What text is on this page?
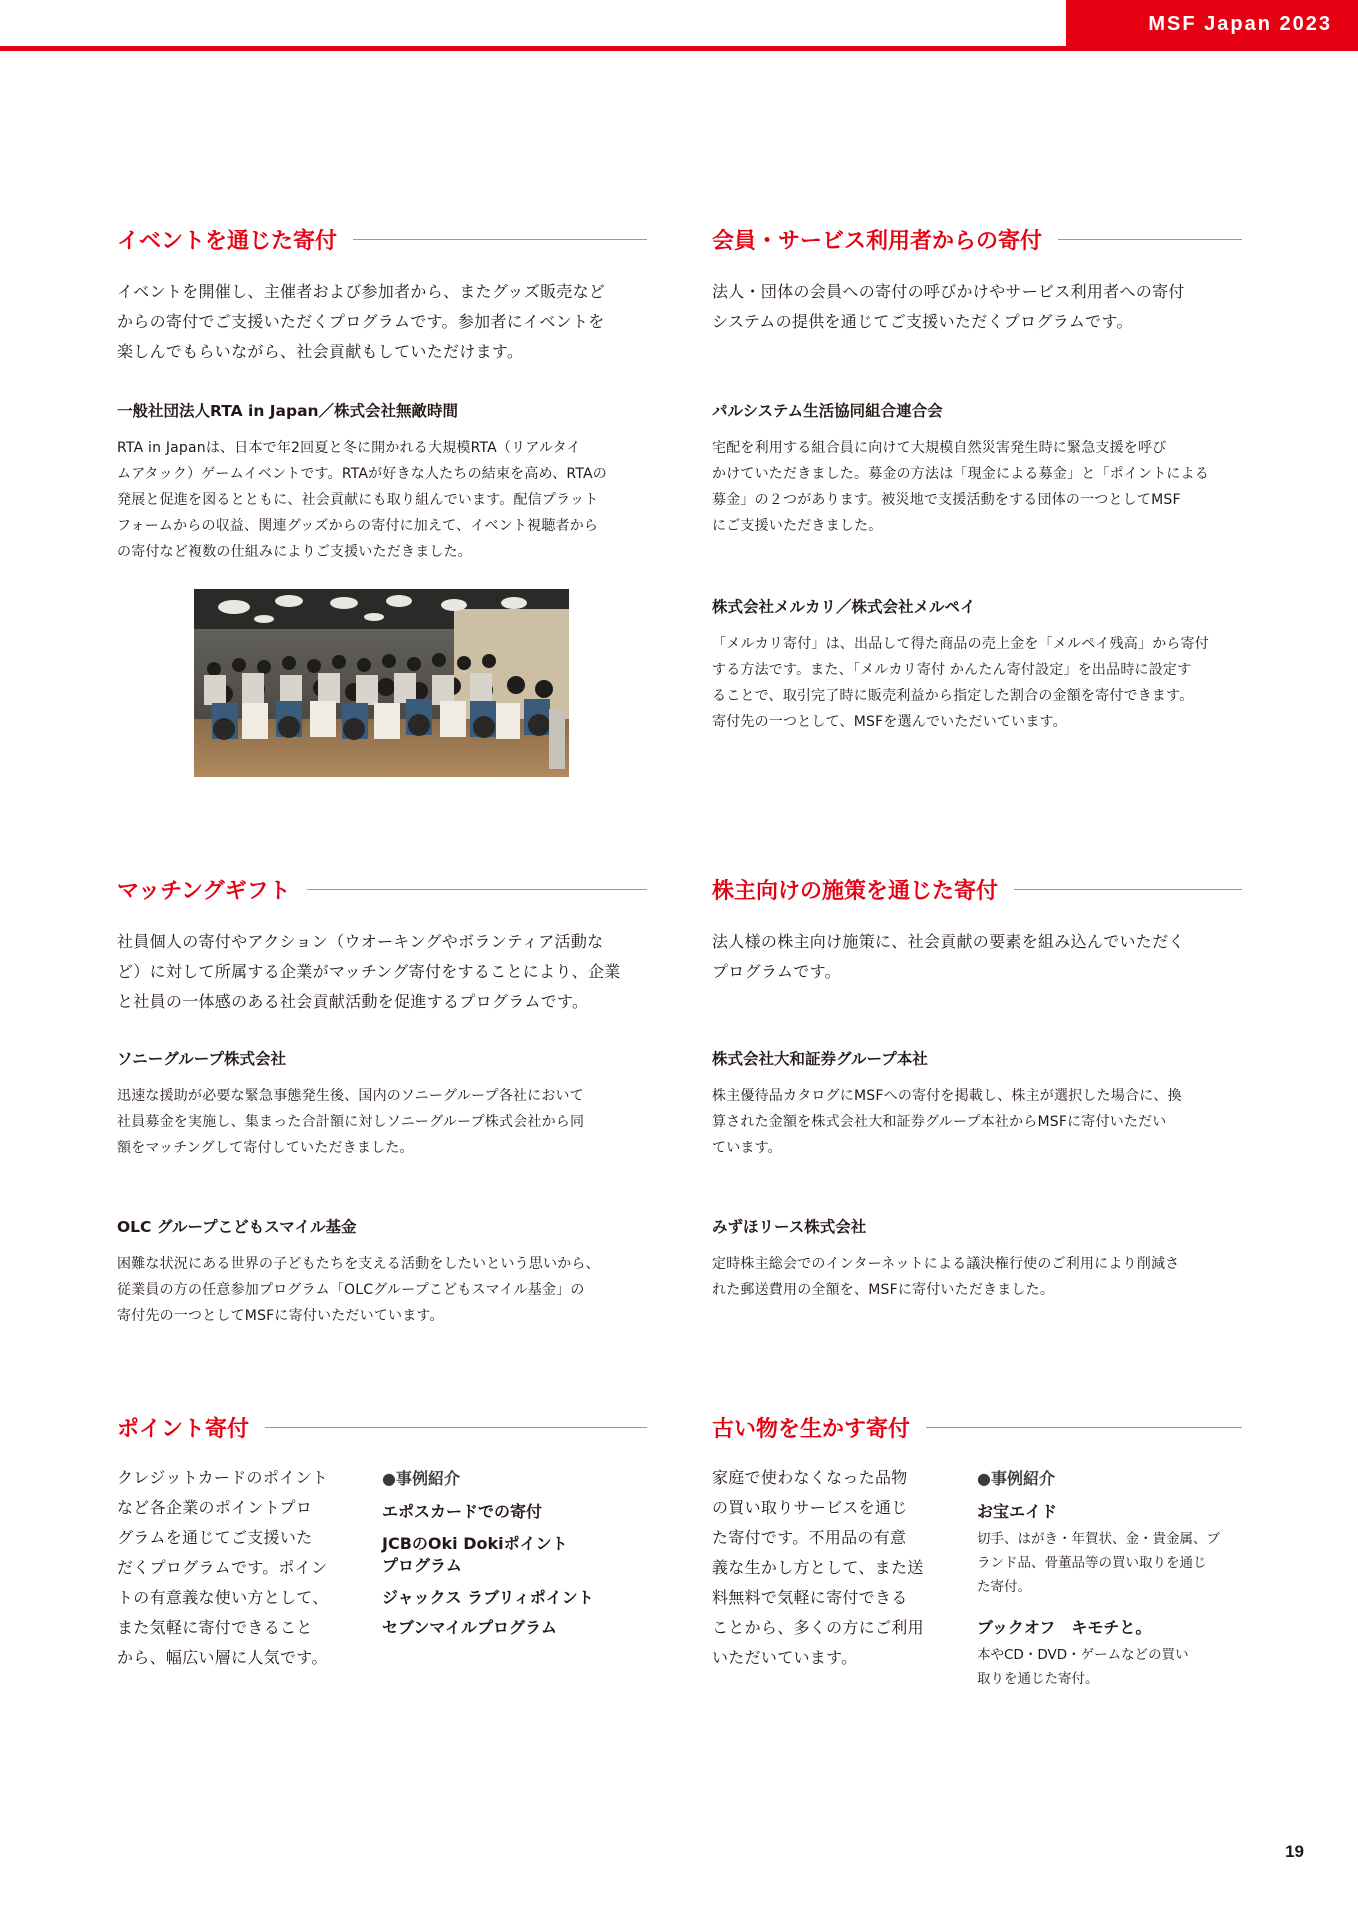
MSF Japan 2023
イベントを通じた寄付

イベントを開催し、主催者および参加者から、またグッズ販売など
からの寄付でご支援いただくプログラムです。参加者にイベントを
楽しんでもらいながら、社会貢献もしていただけます。

一般社団法人RTA in Japan／株式会社無敵時間

RTA in Japanは、日本で年2回夏と冬に開かれる大規模RTA（リアルタイ
ムアタック）ゲームイベントです。RTAが好きな人たちの結束を高め、RTAの
発展と促進を図るとともに、社会貢献にも取り組んでいます。配信プラット
フォームからの収益、関連グッズからの寄付に加えて、イベント視聴者から
の寄付など複数の仕組みによりご支援いただきました。

会員・サービス利用者からの寄付

法人・団体の会員への寄付の呼びかけやサービス利用者への寄付
システムの提供を通じてご支援いただくプログラムです。

パルシステム生活協同組合連合会

宅配を利用する組合員に向けて大規模自然災害発生時に緊急支援を呼び
かけていただきました。募金の方法は「現金による募金」と「ポイントによる
募金」の２つがあります。被災地で支援活動をする団体の一つとしてMSF
にご支援いただきました。

株式会社メルカリ／株式会社メルペイ

「メルカリ寄付」は、出品して得た商品の売上金を「メルペイ残高」から寄付
する方法です。また、「メルカリ寄付 かんたん寄付設定」を出品時に設定す
ることで、取引完了時に販売利益から指定した割合の金額を寄付できます。
寄付先の一つとして、MSFを選んでいただいています。

マッチングギフト

社員個人の寄付やアクション（ウオーキングやボランティア活動な
ど）に対して所属する企業がマッチング寄付をすることにより、企業
と社員の一体感のある社会貢献活動を促進するプログラムです。

ソニーグループ株式会社

迅速な援助が必要な緊急事態発生後、国内のソニーグループ各社において
社員募金を実施し、集まった合計額に対しソニーグループ株式会社から同
額をマッチングして寄付していただきました。

OLC グループこどもスマイル基金

困難な状況にある世界の子どもたちを支える活動をしたいという思いから、
従業員の方の任意参加プログラム「OLCグループこどもスマイル基金」の
寄付先の一つとしてMSFに寄付いただいています。

株主向けの施策を通じた寄付

法人様の株主向け施策に、社会貢献の要素を組み込んでいただく
プログラムです。

株式会社大和証券グループ本社

株主優待品カタログにMSFへの寄付を掲載し、株主が選択した場合に、換
算された金額を株式会社大和証券グループ本社からMSFに寄付いただい
ています。

みずほリース株式会社

定時株主総会でのインターネットによる議決権行使のご利用により削減さ
れた郵送費用の全額を、MSFに寄付いただきました。

ポイント寄付

クレジットカードのポイント
など各企業のポイントプロ
グラムを通じてご支援いた
だくプログラムです。ポイン
トの有意義な使い方として、
また気軽に寄付できること
から、幅広い層に人気です。

●事例紹介

エポスカードでの寄付

JCBのOki Dokiポイント
プログラム

ジャックス ラブリィポイント

セブンマイルプログラム

古い物を生かす寄付

家庭で使わなくなった品物
の買い取りサービスを通じ
た寄付です。不用品の有意
義な生かし方として、また送
料無料で気軽に寄付できる
ことから、多くの方にご利用
いただいています。

●事例紹介

お宝エイド

切手、はがき・年賀状、金・貴金属、ブ
ランド品、骨董品等の買い取りを通じ
た寄付。

ブックオフ　キモチと。

本やCD・DVD・ゲームなどの買い
取りを通じた寄付。

19
